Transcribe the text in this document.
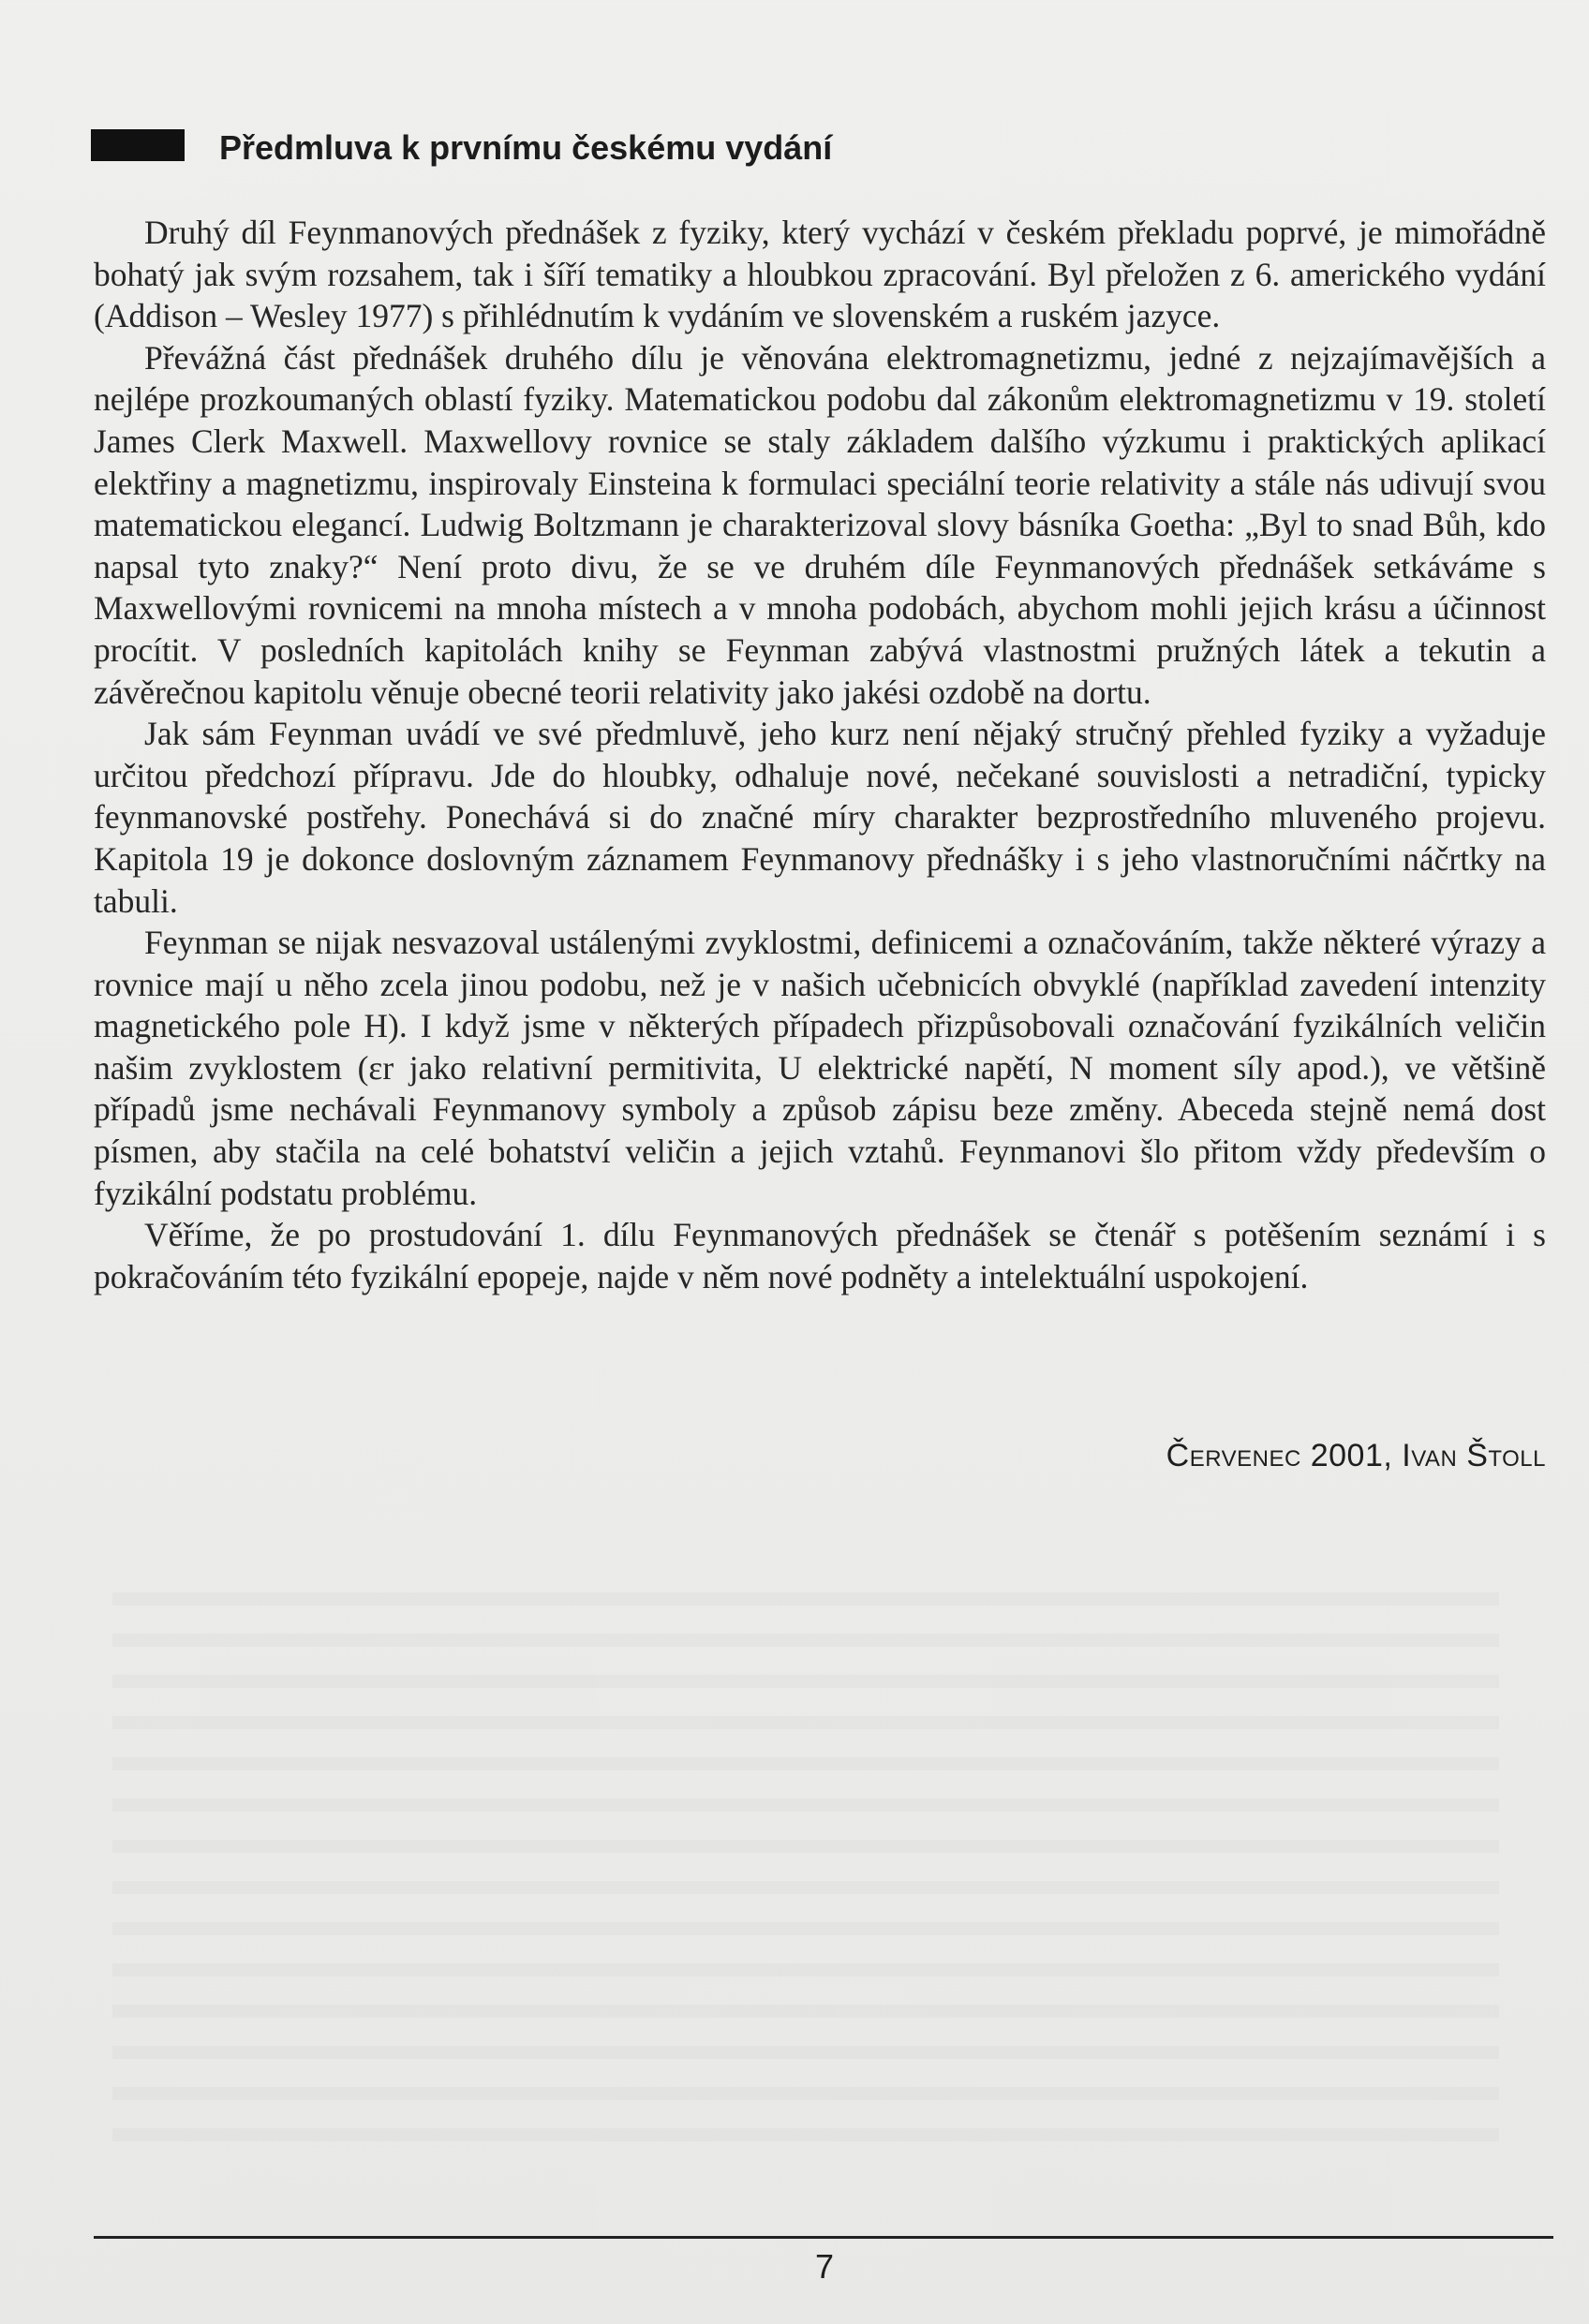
Předmluva k prvnímu českému vydání

Druhý díl Feynmanových přednášek z fyziky, který vychází v českém překladu poprvé, je mimořádně bohatý jak svým rozsahem, tak i šíří tematiky a hloubkou zpracování. Byl přeložen z 6. amerického vydání (Addison – Wesley 1977) s přihlédnutím k vydáním ve slovenském a ruském jazyce.

Převážná část přednášek druhého dílu je věnována elektromagnetizmu, jedné z nejzajímavějších a nejlépe prozkoumaných oblastí fyziky. Matematickou podobu dal zákonům elektromagnetizmu v 19. století James Clerk Maxwell. Maxwellovy rovnice se staly základem dalšího výzkumu i praktických aplikací elektřiny a magnetizmu, inspirovaly Einsteina k formulaci speciální teorie relativity a stále nás udivují svou matematickou elegancí. Ludwig Boltzmann je charakterizoval slovy básníka Goetha: „Byl to snad Bůh, kdo napsal tyto znaky?“ Není proto divu, že se ve druhém díle Feynmanových přednášek setkáváme s Maxwellovými rovnicemi na mnoha místech a v mnoha podobách, abychom mohli jejich krásu a účinnost procítit. V posledních kapitolách knihy se Feynman zabývá vlastnostmi pružných látek a tekutin a závěrečnou kapitolu věnuje obecné teorii relativity jako jakési ozdobě na dortu.

Jak sám Feynman uvádí ve své předmluvě, jeho kurz není nějaký stručný přehled fyziky a vyžaduje určitou předchozí přípravu. Jde do hloubky, odhaluje nové, nečekané souvislosti a netradiční, typicky feynmanovské postřehy. Ponechává si do značné míry charakter bezprostředního mluveného projevu. Kapitola 19 je dokonce doslovným záznamem Feynmanovy přednášky i s jeho vlastnoručními náčrtky na tabuli.

Feynman se nijak nesvazoval ustálenými zvyklostmi, definicemi a označováním, takže některé výrazy a rovnice mají u něho zcela jinou podobu, než je v našich učebnicích obvyklé (například zavedení intenzity magnetického pole H). I když jsme v některých případech přizpůsobovali označování fyzikálních veličin našim zvyklostem (εr jako relativní permitivita, U elektrické napětí, N moment síly apod.), ve většině případů jsme nechávali Feynmanovy symboly a způsob zápisu beze změny. Abeceda stejně nemá dost písmen, aby stačila na celé bohatství veličin a jejich vztahů. Feynmanovi šlo přitom vždy především o fyzikální podstatu problému.

Věříme, že po prostudování 1. dílu Feynmanových přednášek se čtenář s potěšením seznámí i s pokračováním této fyzikální epopeje, najde v něm nové podněty a intelektuální uspokojení.

Červenec 2001, Ivan Štoll
7
